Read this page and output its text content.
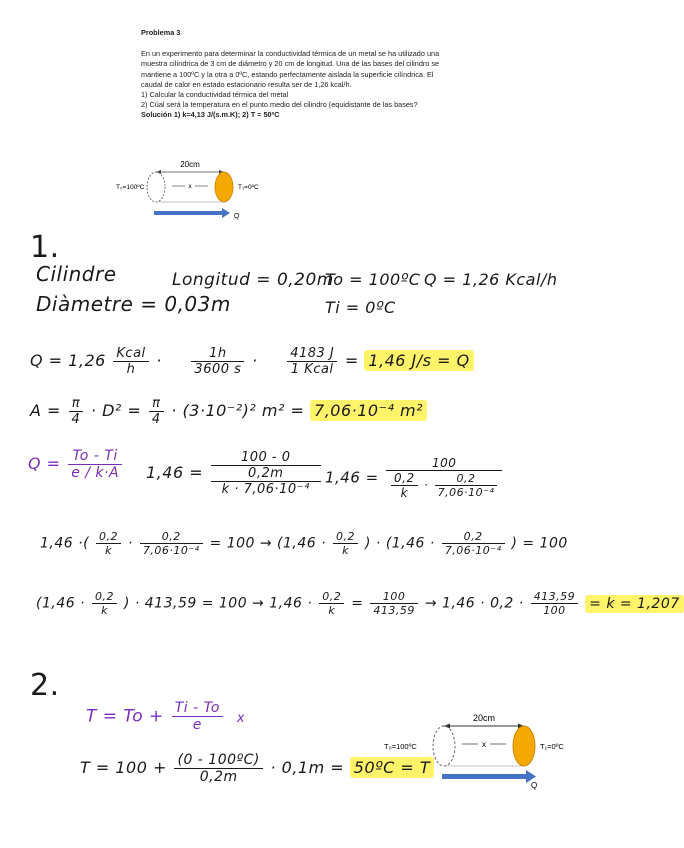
Problema 3

En un experimento para determinar la conductividad térmica de un metal se ha utilizado una muestra cilíndrica de 3 cm de diámetro y 20 cm de longitud. Una de las bases del cilindro se mantiene a 100ºC y la otra a 0ºC, estando perfectamente aislada la superficie cilíndrica. El caudal de calor en estado estacionario resulta ser de 1,26 kcal/h.

1) Calcular la conductividad térmica del metal
2) Cúal será la temperatura en el punto medio del cilindro (equidistante de las bases?
Solución 1) k=4,13 J/(s.m.K); 2) T = 50ºC
20cm
T₀=100ºC	T₁=0ºC
x
Q
1.
Cilindre
Diàmetre = 0,03m
Longitud = 0,20m
To = 100ºC
Ti = 0ºC
Q = 1,26 Kcal/h
$Q = 1,26 \frac{\text{Kcal}}{h} \cdot \frac{1h}{3600 s} \cdot \frac{4183 J}{\text{1 Kcal}} = 1,46$ J/s = Q
$A = \frac{\pi}{4} \cdot D^2 = \frac{\pi}{4} \cdot (3\cdot 10^{-2})^2$ m² = 7,06·10⁻⁴ m²
$Q = \frac{To - Ti}{e / k\cdot A} 1,46$ =
100 - 0
0,2m
k · 7,06·10⁻⁴
$1,46 = \frac{100}{\frac{0,2}{k} \cdot \frac{0,2}{\text{7,06·10⁻⁴}}}$
1,46 ·( $\frac{0,2}{k} \cdot \frac{0,2}{\text{7,06·10⁻⁴}} = 100 \to (1,46 \cdot \frac{0,2}{k}$ ) · ($1,46 \cdot \frac{0,2}{\text{7,06·10⁻⁴}}$ ) = 100
($1,46 \cdot \frac{0,2}{k}$ ) · $413,59 = 100 \to 1,46 \cdot \frac{0,2}{k} = \frac{100}{413,59} \to 1,46 \cdot 0,2 \cdot \frac{413,59}{100} = k = 1,207$
2.
$T = To + \frac{Ti - To}{e}$ x
$T = 100 + \frac{\text{(0 - 100ºC)}}{0,2m} \cdot 0,1m$ = 50ºC = T
20cm
T₀=100ºC	T₁=0ºC
x
Q
